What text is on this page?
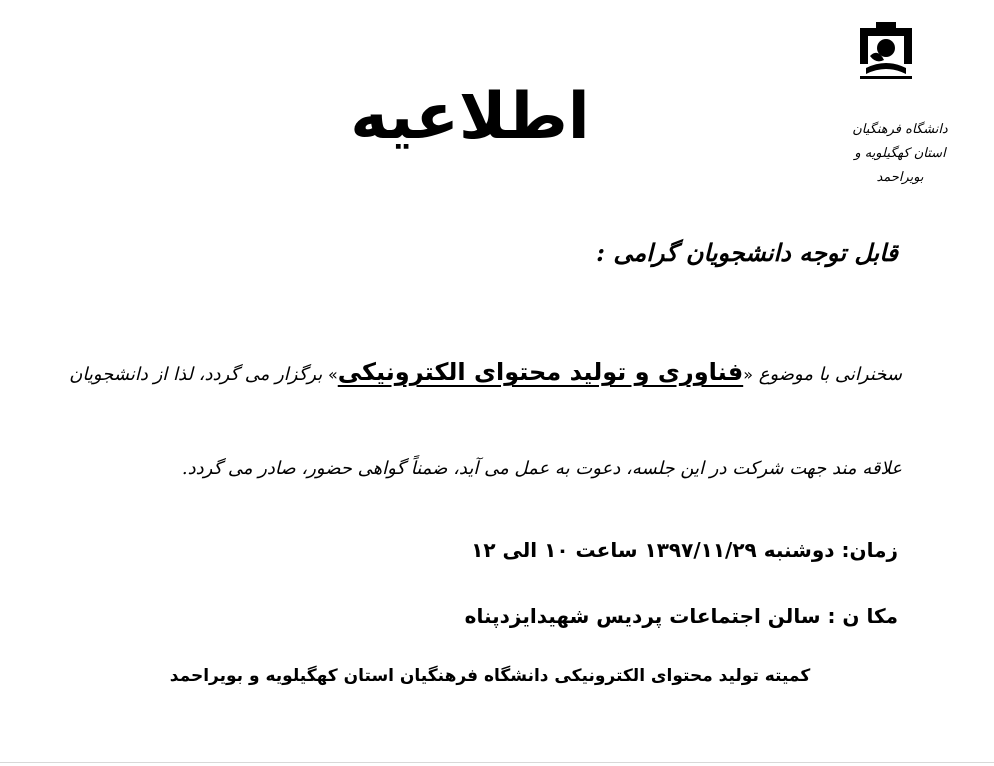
دانشگاه فرهنگیان
استان کهگیلویه و بویراحمد
اطلاعیه
قابل توجه دانشجویان گرامی :
سخنرانی با موضوع «فناوری و تولید محتوای الکترونیکی» برگزار می گردد، لذا از دانشجویان
علاقه مند جهت شرکت در این جلسه، دعوت به عمل می آید، ضمناً گواهی حضور، صادر می گردد.
زمان: دوشنبه ۱۳۹۷/۱۱/۲۹ ساعت ۱۰ الی ۱۲
مکا ن : سالن اجتماعات پردیس شهیدایزدپناه
کمیته تولید محتوای الکترونیکی دانشگاه فرهنگیان استان کهگیلویه و بویراحمد
